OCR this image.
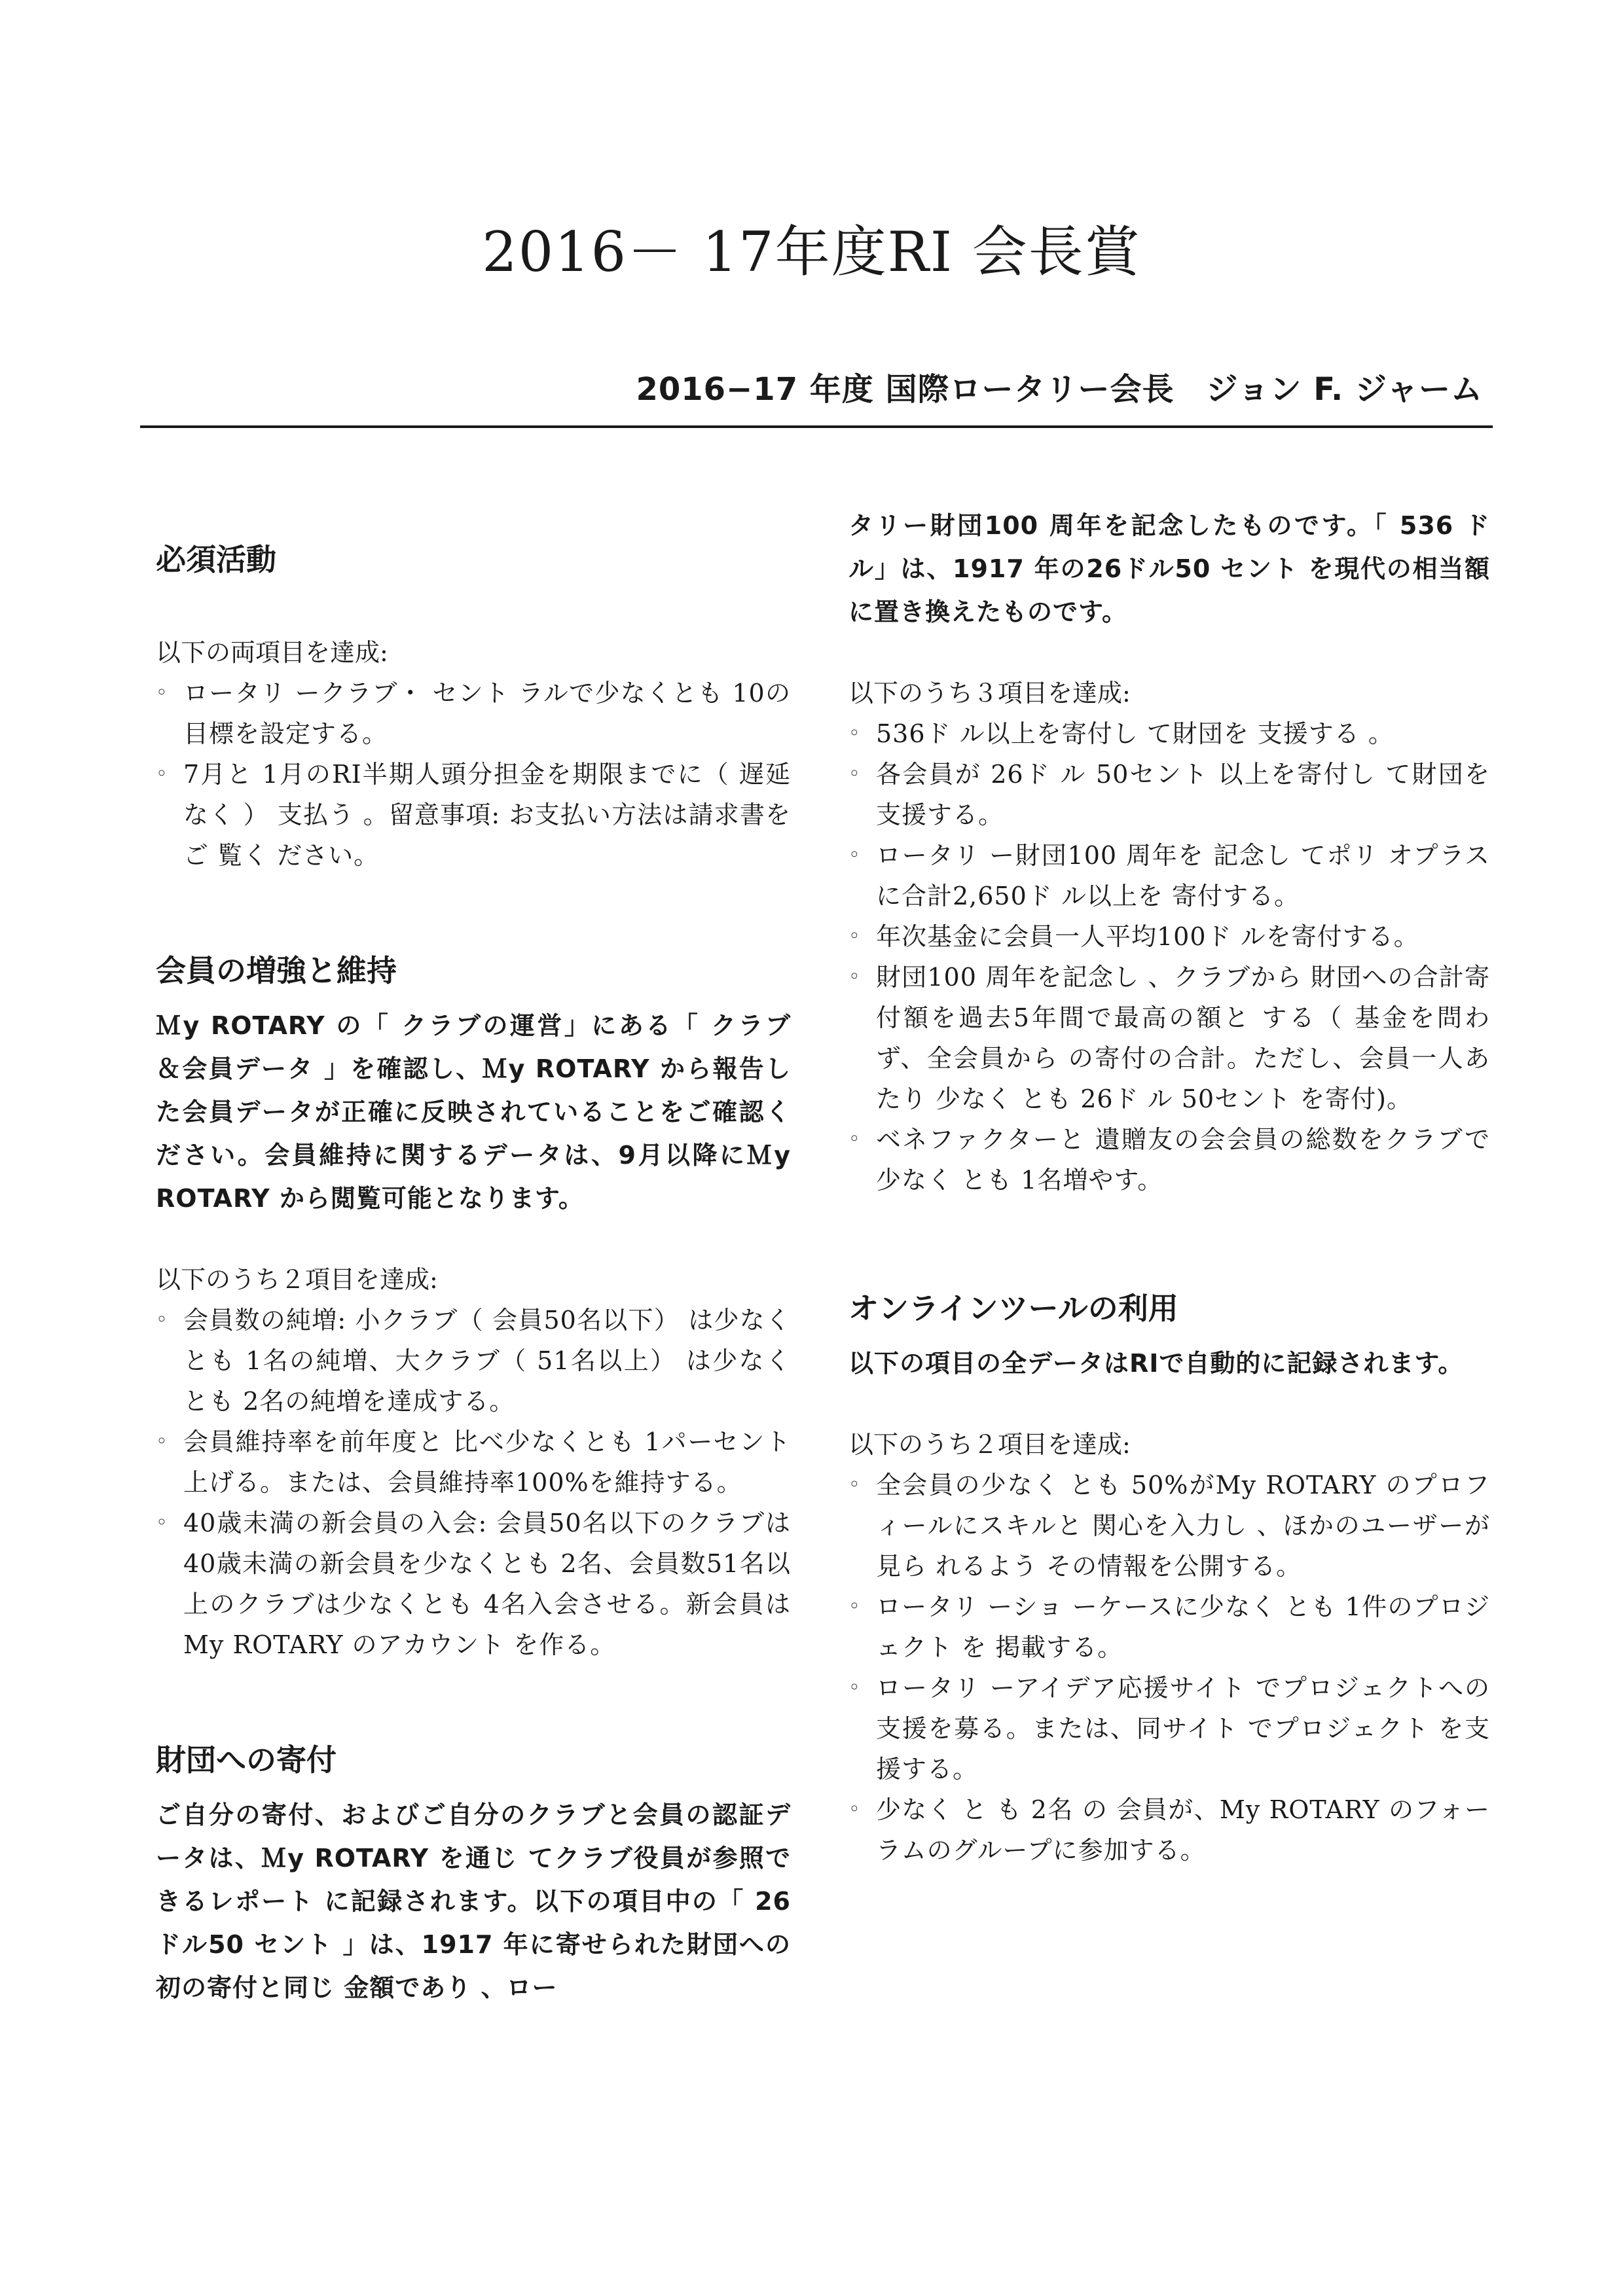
2016－ 17年度RI 会長賞
2016−17 年度 国際ロータリー会長　ジョン F. ジャーム
必須活動
以下の両項目を達成:
◦ ロータリ ークラブ・ セント ラルで少なくとも 10の目標を設定する。
◦ 7月と 1月のRI半期人頭分担金を期限までに（ 遅延なく ） 支払う 。留意事項: お支払い方法は請求書をご 覧く ださい。
会員の増強と維持

Ｍy ROTARY の「 クラブの運営」にある「 クラブ ＆会員データ 」を確認し、Ｍy ROTARY から報告した会員データが正確に反映されていることをご確認ください。会員維持に関するデータは、9月以降にＭy ROTARY から閲覧可能となります。

以下のうち２項目を達成:
◦ 会員数の純増: 小クラブ（ 会員50名以下） は少なくとも 1名の純増、大クラブ（ 51名以上） は少なくとも 2名の純増を達成する。
◦ 会員維持率を前年度と 比べ少なくとも 1パーセント 上げる。または、会員維持率100%を維持する。
◦ 40歳未満の新会員の入会: 会員50名以下のクラブは40歳未満の新会員を少なくとも 2名、会員数51名以上のクラブは少なくとも 4名入会させる。新会員はMy ROTARY のアカウント を作る。
財団への寄付

ご自分の寄付、およびご自分のクラブと会員の認証データは、Ｍy ROTARY を通じ てクラブ役員が参照できるレポート に記録されます。以下の項目中の「 26ドル50 セント 」は、1917 年に寄せられた財団への初の寄付と同じ 金額であり 、ロー

タリー財団100 周年を記念したものです。「 536 ドル」は、1917 年の26ドル50 セント を現代の相当額に置き換えたものです。

以下のうち３項目を達成:
◦ 536ド ル以上を寄付し て財団を 支援する 。
◦ 各会員が 26ド ル 50セント 以上を寄付し て財団を支援する。
◦ ロータリ ー財団100 周年を 記念し てポリ オプラスに合計2,650ド ル以上を 寄付する。
◦ 年次基金に会員一人平均100ド ルを寄付する。
◦ 財団100 周年を記念し 、クラブから 財団への合計寄付額を過去5年間で最高の額と する（ 基金を問わず、全会員から の寄付の合計。ただし、会員一人あたり 少なく とも 26ド ル 50セント を寄付)。
◦ ベネファクターと 遺贈友の会会員の総数をクラブで少なく とも 1名増やす。
オンラインツールの利用

以下の項目の全データはRIで自動的に記録されます。

以下のうち２項目を達成:
◦ 全会員の少なく とも 50%がMy ROTARY のプロフィールにスキルと 関心を入力し 、ほかのユーザーが見ら れるよう その情報を公開する。
◦ ロータリ ーショ ーケースに少なく とも 1件のプロジェクト を 掲載する。
◦ ロータリ ーアイデア応援サイト でプロジェクトへの支援を募る。または、同サイト でプロジェクト を支援する。
◦ 少なく と も 2名 の 会員が、My ROTARY のフォーラムのグループに参加する。
